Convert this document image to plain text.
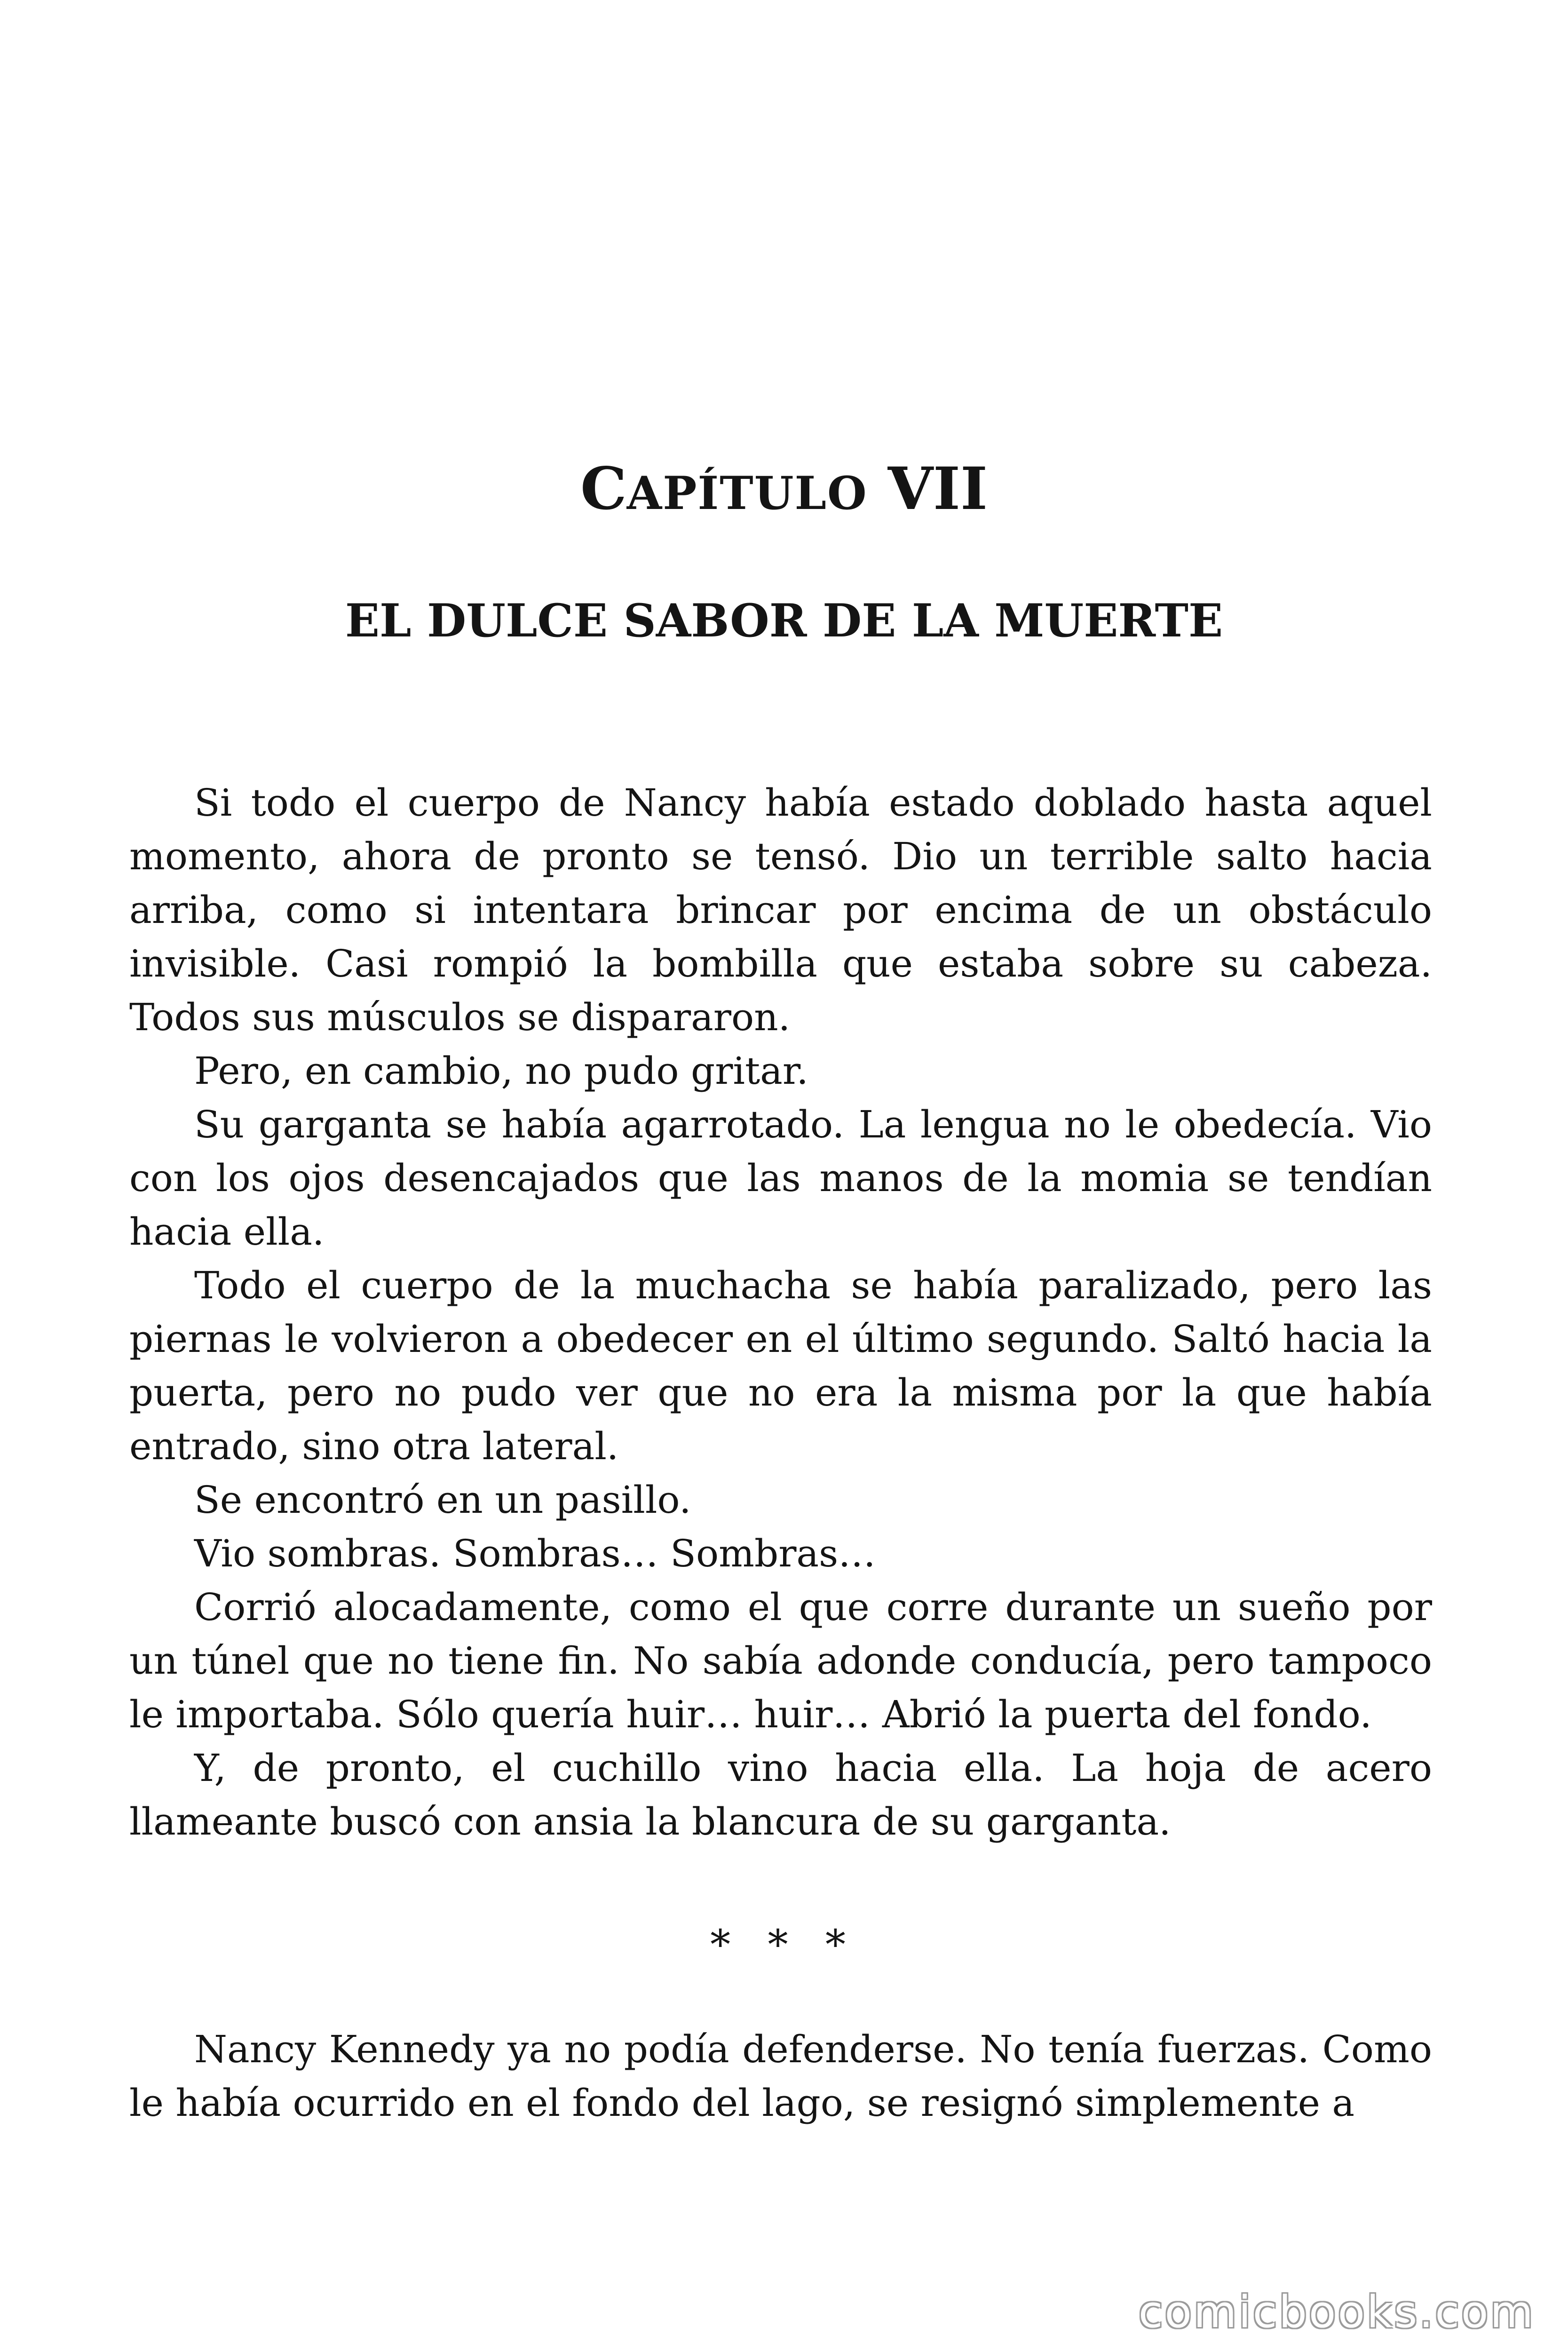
CAPÍTULO VII
EL DULCE SABOR DE LA MUERTE

Si todo el cuerpo de Nancy había estado doblado hasta aquel momento, ahora de pronto se tensó. Dio un terrible salto hacia arriba, como si intentara brincar por encima de un obstáculo invisible. Casi rompió la bombilla que estaba sobre su cabeza. Todos sus músculos se dispararon.

Pero, en cambio, no pudo gritar.

Su garganta se había agarrotado. La lengua no le obedecía. Vio con los ojos desencajados que las manos de la momia se tendían hacia ella.

Todo el cuerpo de la muchacha se había paralizado, pero las piernas le volvieron a obedecer en el último segundo. Saltó hacia la puerta, pero no pudo ver que no era la misma por la que había entrado, sino otra lateral.

Se encontró en un pasillo.

Vio sombras. Sombras… Sombras…

Corrió alocadamente, como el que corre durante un sueño por un túnel que no tiene fin. No sabía adonde conducía, pero tampoco le importaba. Sólo quería huir… huir… Abrió la puerta del fondo.

Y, de pronto, el cuchillo vino hacia ella. La hoja de acero llameante buscó con ansia la blancura de su garganta.

* * *

Nancy Kennedy ya no podía defenderse. No tenía fuerzas. Como le había ocurrido en el fondo del lago, se resignó simplemente a

comicbooks.com
